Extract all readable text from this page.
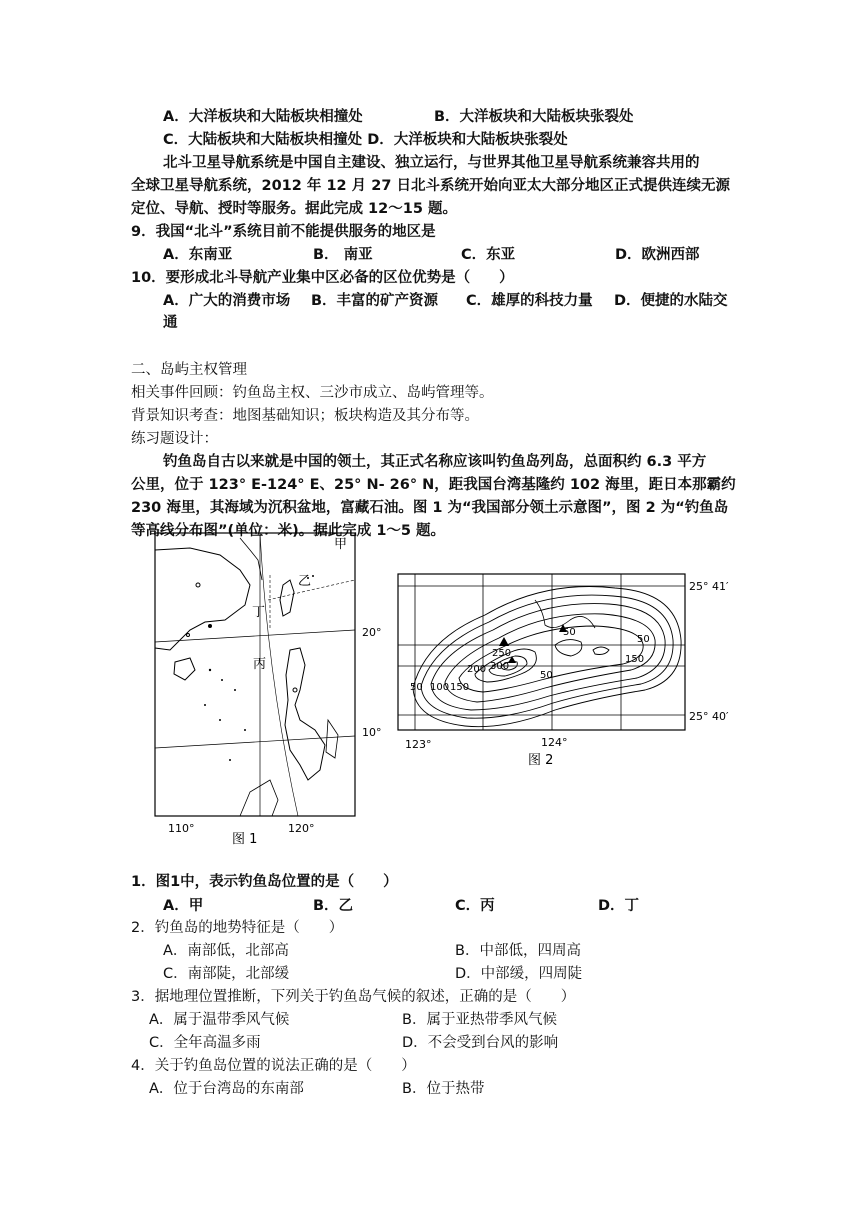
A．大洋板块和大陆板块相撞处	B．大洋板块和大陆板块张裂处
C．大陆板块和大陆板块相撞处 D．大洋板块和大陆板块张裂处
北斗卫星导航系统是中国自主建设、独立运行，与世界其他卫星导航系统兼容共用的
全球卫星导航系统，2012 年 12 月 27 日北斗系统开始向亚太大部分地区正式提供连续无源
定位、导航、授时等服务。据此完成 12～15 题。
9．我国“北斗”系统目前不能提供服务的地区是
A．东南亚	B． 南亚	C．东亚	D．欧洲西部
10．要形成北斗导航产业集中区必备的区位优势是（　　）
A．广大的消费市场 B．丰富的矿产资源 C．雄厚的科技力量 D．便捷的水陆交
通
二、岛屿主权管理
相关事件回顾：钓鱼岛主权、三沙市成立、岛屿管理等。
背景知识考查：地图基础知识；板块构造及其分布等。
练习题设计：
钓鱼岛自古以来就是中国的领土，其正式名称应该叫钓鱼岛列岛，总面积约 6.3 平方
公里，位于 123° E-124° E、25° N- 26° N，距我国台湾基隆约 102 海里，距日本那霸约
230 海里，其海域为沉积盆地，富藏石油。图 1 为“我国部分领土示意图”，图 2 为“钓鱼岛
等高线分布图”(单位：米)。据此完成 1～5 题。
甲
乙
丙
丁
20°
10°
110°	120°
图 1
50 100 150
200
250
300
50
50
150
50
25° 41′
25° 40′
123°	124°
图 2
1．图1中，表示钓鱼岛位置的是（　　）
A．甲	B．乙	C．丙	D．丁
2．钓鱼岛的地势特征是（　　）
A．南部低，北部高	B．中部低，四周高
C．南部陡，北部缓	D．中部缓，四周陡
3．据地理位置推断，下列关于钓鱼岛气候的叙述，正确的是（　　）
A．属于温带季风气候	B．属于亚热带季风气候
C．全年高温多雨	D．不会受到台风的影响
4．关于钓鱼岛位置的说法正确的是（　　）
A．位于台湾岛的东南部	B．位于热带
